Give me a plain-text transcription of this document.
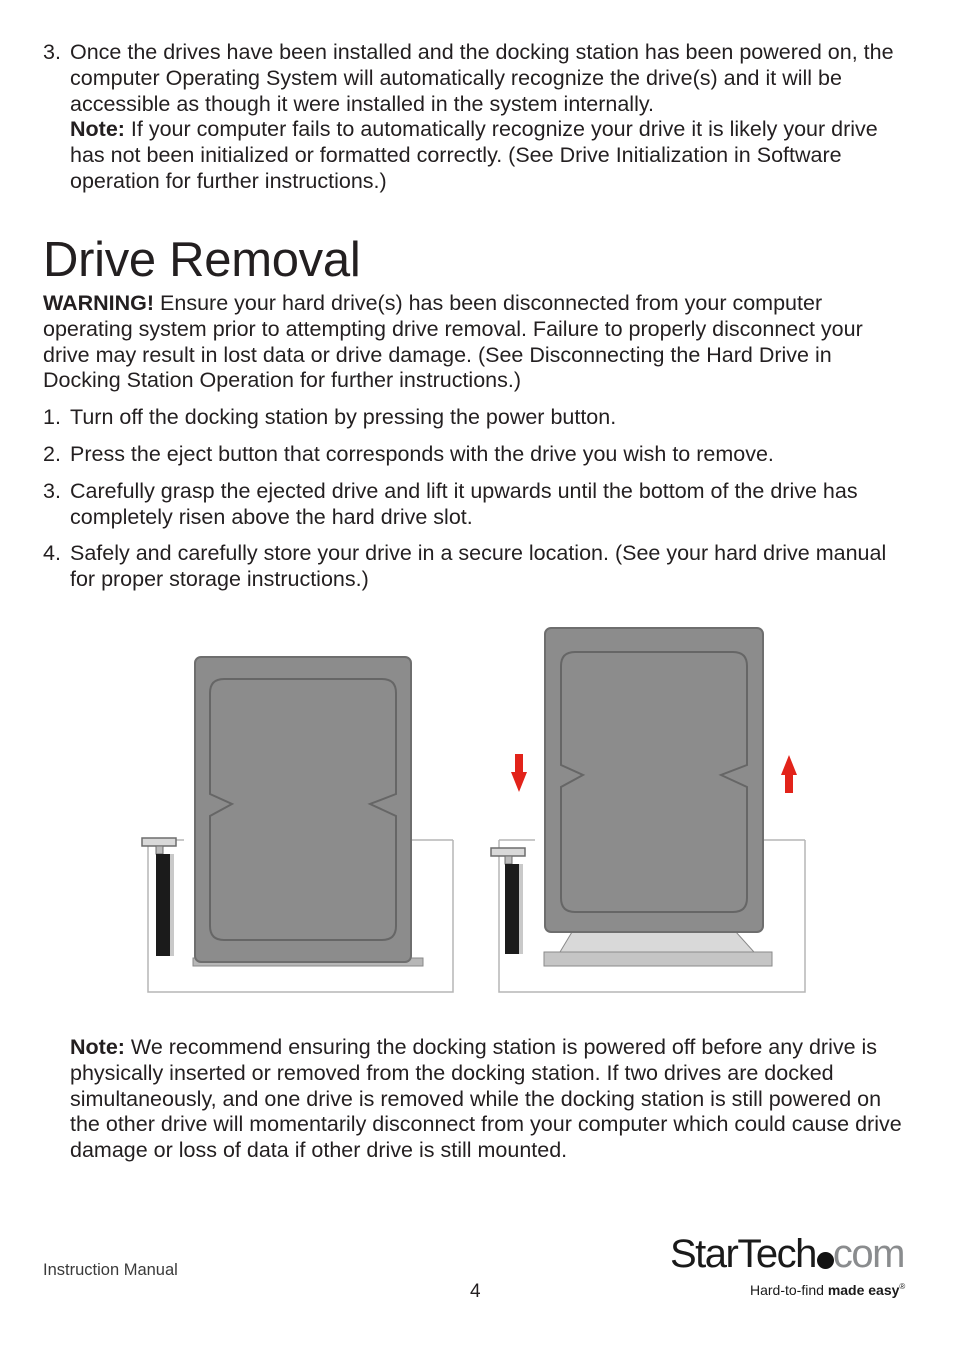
3. Once the drives have been installed and the docking station has been powered on, the computer Operating System will automatically recognize the drive(s) and it will be accessible as though it were installed in the system internally.
Note: If your computer fails to automatically recognize your drive it is likely your drive has not been initialized or formatted correctly. (See Drive Initialization in Software operation for further instructions.)
Drive Removal
WARNING! Ensure your hard drive(s) has been disconnected from your computer operating system prior to attempting drive removal. Failure to properly disconnect your drive may result in lost data or drive damage. (See Disconnecting the Hard Drive in Docking Station Operation for further instructions.)
1. Turn off the docking station by pressing the power button.
2. Press the eject button that corresponds with the drive you wish to remove.
3. Carefully grasp the ejected drive and lift it upwards until the bottom of the drive has completely risen above the hard drive slot.
4. Safely and carefully store your drive in a secure location. (See your hard drive manual for proper storage instructions.)
Note: We recommend ensuring the docking station is powered off before any drive is physically inserted or removed from the docking station. If two drives are docked simultaneously, and one drive is removed while the docking station is still powered on the other drive will momentarily disconnect from your computer which could cause drive damage or loss of data if other drive is still mounted.
Instruction Manual
4
StarTech com
Hard-to-find made easy®
